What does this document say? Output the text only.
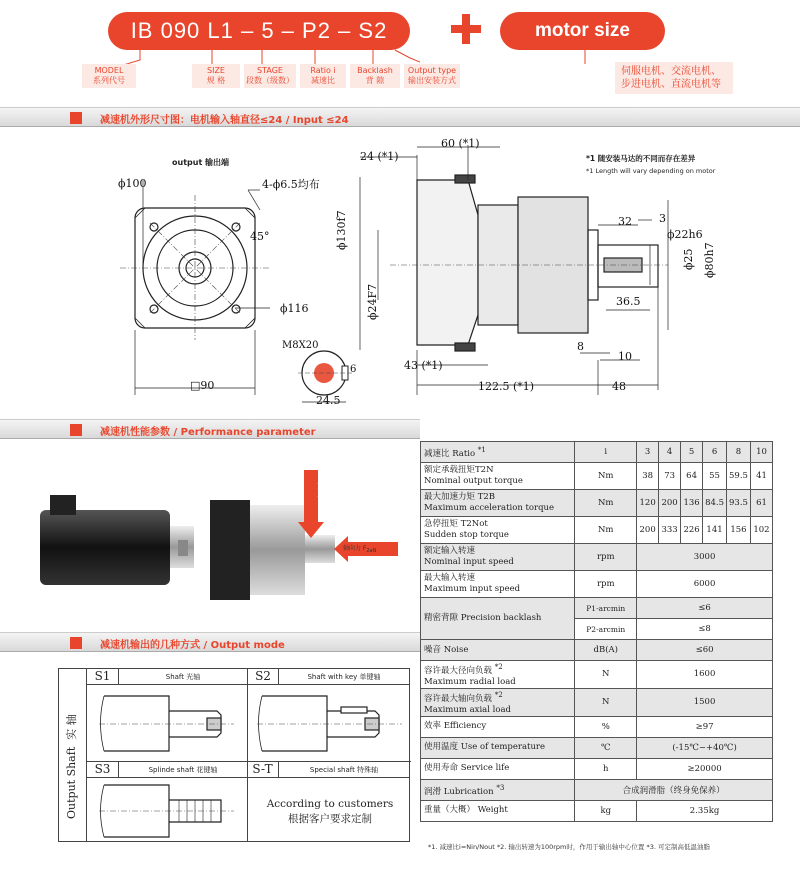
IB 090 L1 – 5 – P2 – S2	motor size
MODEL
系列代号
SIZE
规 格
STAGE
段数（级数）
Ratio i
减速比
Backlash
背 隙
Output type
输出安装方式
伺服电机、交流电机、
步进电机、直流电机等
减速机外形尺寸图：电机输入轴直径≤24 / Input ≤24
output 输出端	*1 随安装马达的不同而存在差异
*1 Length will vary depending on motor
ϕ100	4-ϕ6.5均布
45°
ϕ116
□90
M8X20
6
24.5
60 (*1)
24 (*1)
ϕ130f7
ϕ24F7
43 (*1)
122.5 (*1)	48
32 3
ϕ22h6
ϕ25 ϕ80h7
36.5
8
10
减速机性能参数 / Performance parameter
径向力 $F_{2rN}$
轴向力 $F_{2aN}$
减速机输出的几种方式 / Output mode
Output Shaft  实 轴
S1	Shaft 光轴	S2	Shaft with key 单键轴
S3	Splinde shaft 花键轴	S-T	Special shaft 特殊轴
According to customers
根据客户要求定制
减速比 Ratio $^{*1}$	i	3	4	5	6	8	10

额定承载扭矩T2N
Nominal output torque	Nm	38	73	64	55	59.5	41

最大加速力矩 T2B
Maximum acceleration torque	Nm	120	200	136	84.5	93.5	61

急停扭矩 T2Not
Sudden stop torque	Nm	200	333	226	141	156	102

额定输入转速
Nominal input speed	rpm	3000					

最大输入转速
Maximum input speed	rpm	6000					
精密背隙 Precision backlash	P1-arcmin	≤6					
	P2-arcmin	≤8					
噪音 Noise	dB(A)	≤60					

容许最大径向负载 $^{*2}$
Maximum radial load	N	1600					

容许最大轴向负载 $^{*2}$
Maximum axial load	N	1500					
效率 Efficiency	%	≥97					
使用温度 Use of temperature	℃	(-15℃~+40℃)					
使用寿命 Service life	h	≥20000					
润滑 Lubrication $^{*3}$	合成润滑脂（终身免保养）						
重量（大概） Weight	kg	2.35kg					
*1. 减速比i=Nin/Nout *2. 输出转速为100rpm时，作用于输出轴中心位置 *3. 可定制高低温油脂
